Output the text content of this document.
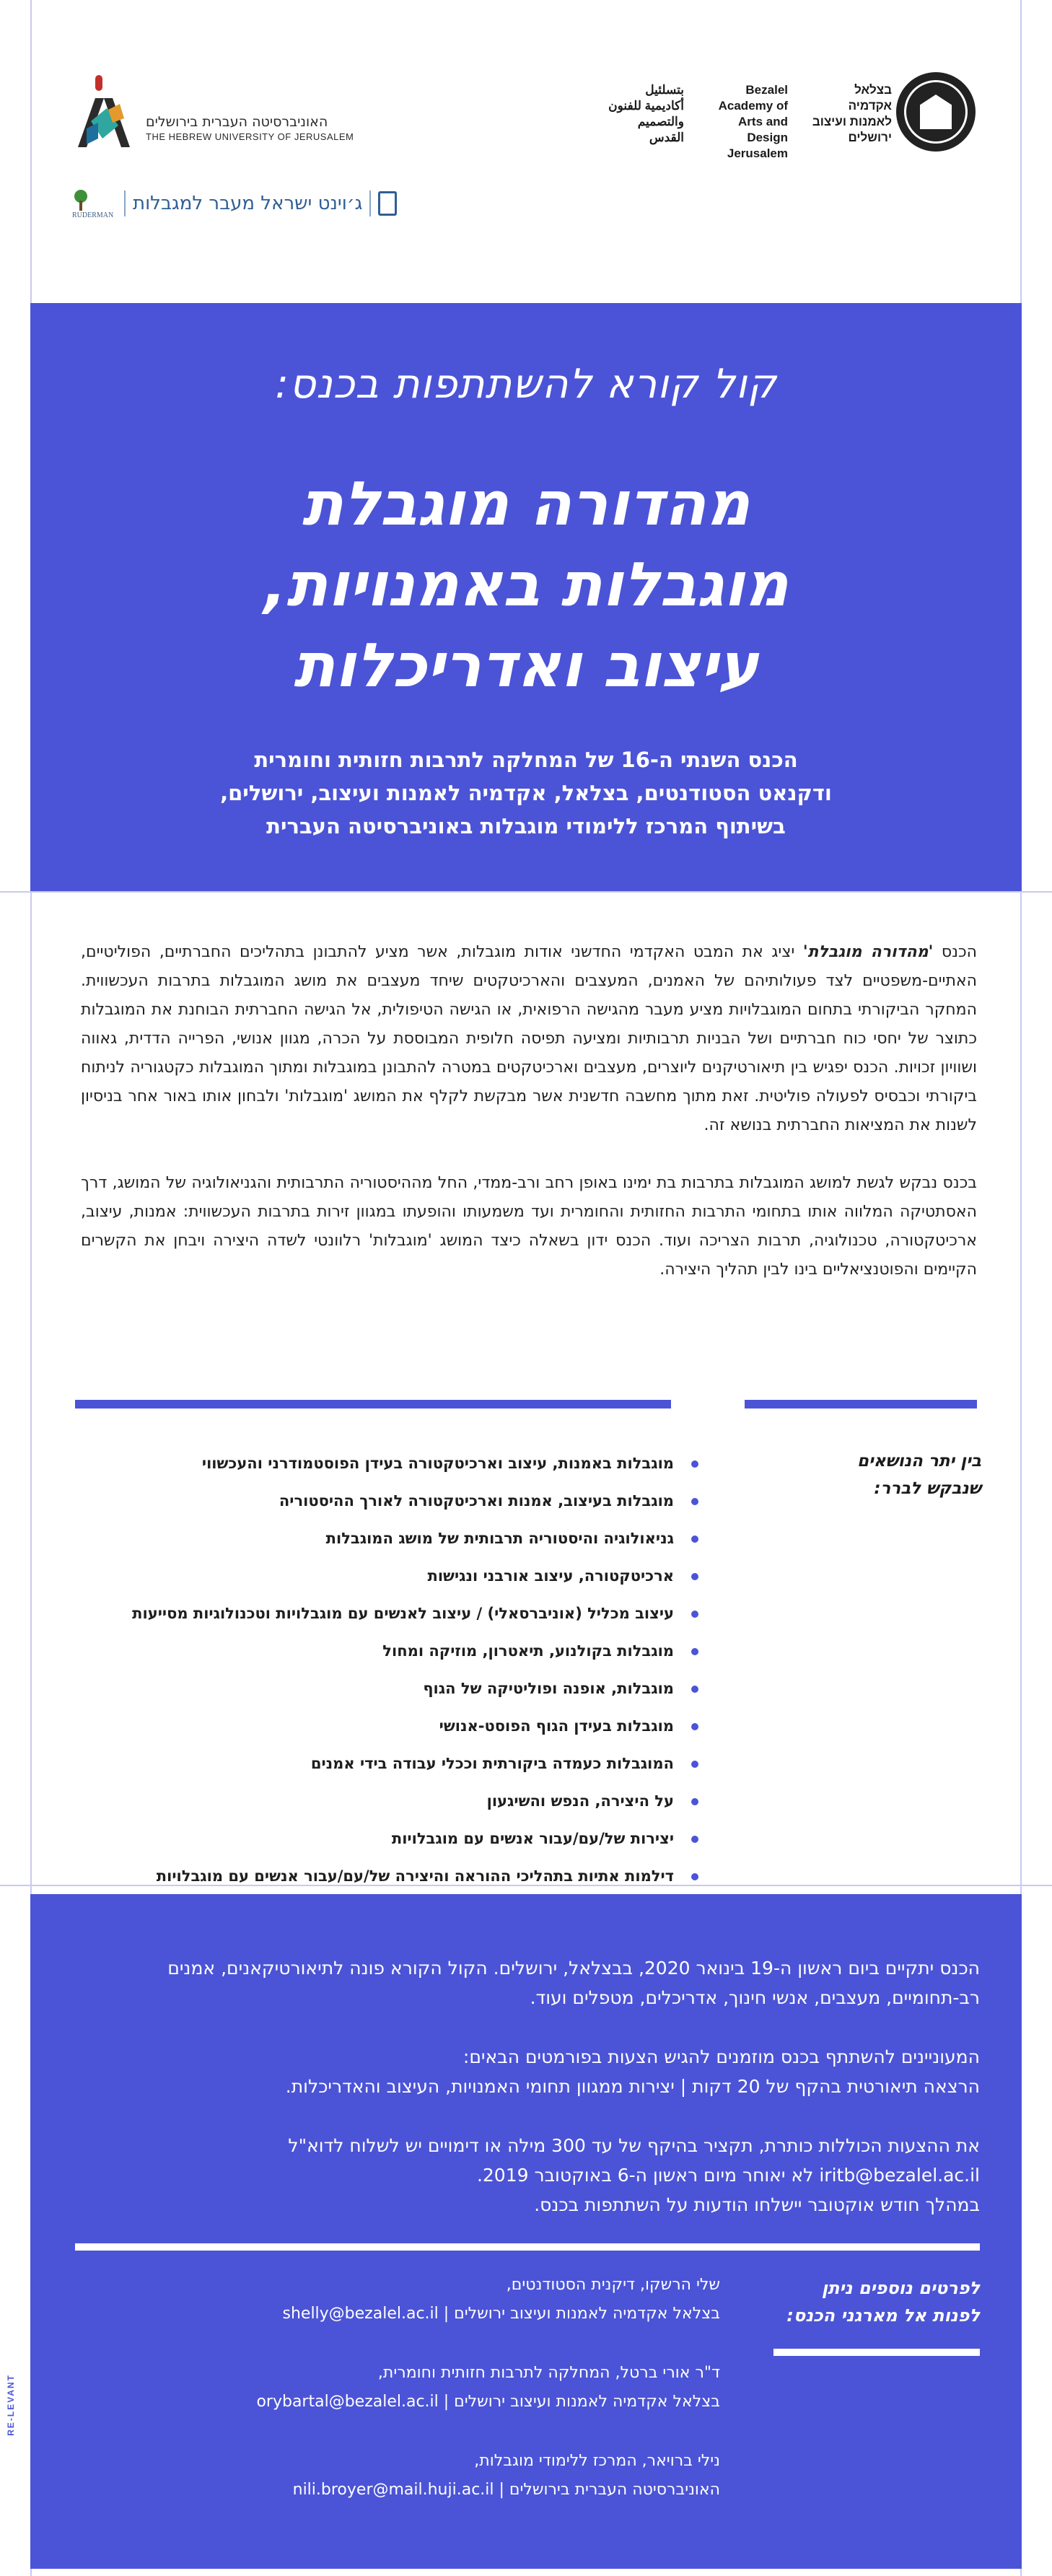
בצלאל
אקדמיה
לאמנות ועיצוב
ירושלים
Bezalel
Academy of
Arts and Design
Jerusalem
بتسلئيل
أكاديمية للفنون
والتصميم
القدس
האוניברסיטה העברית בירושלים
THE HEBREW UNIVERSITY OF JERUSALEM
RUDERMAN
ג׳וינט ישראל מעבר למגבלות
קול קורא להשתתפות בכנס:
מהדורה מוגבלת
מוגבלות באמנויות,
עיצוב ואדריכלות
הכנס השנתי ה-16 של המחלקה לתרבות חזותית וחומרית
ודקנאט הסטודנטים, בצלאל, אקדמיה לאמנות ועיצוב, ירושלים,
בשיתוף המרכז ללימודי מוגבלות באוניברסיטה העברית

הכנס 'מהדורה מוגבלת' יציג את המבט האקדמי החדשני אודות מוגבלות, אשר מציע להתבונן בתהליכים החברתיים, הפוליטיים, האתיים-משפטיים לצד פעולותיהם של האמנים, המעצבים והארכיטקטים שיחד מעצבים את מושג המוגבלות בתרבות העכשווית. המחקר הביקורתי בתחום המוגבלויות מציע מעבר מהגישה הרפואית, או הגישה הטיפולית, אל הגישה החברתית הבוחנת את המוגבלות כתוצר של יחסי כוח חברתיים ושל הבניות תרבותיות ומציעה תפיסה חלופית המבוססת על הכרה, מגוון אנושי, הפרייה הדדית, גאווה ושוויון זכויות. הכנס יפגיש בין תיאורטיקנים ליוצרים, מעצבים וארכיטקטים במטרה להתבונן במוגבלות ומתוך המוגבלות כקטגוריה לניתוח ביקורתי וכבסיס לפעולה פוליטית. זאת מתוך מחשבה חדשנית אשר מבקשת לקלף את המושג 'מוגבלות' ולבחון אותו באור אחר בניסיון לשנות את המציאות החברתית בנושא זה.

בכנס נבקש לגשת למושג המוגבלות בתרבות בת ימינו באופן רחב ורב-ממדי, החל מההיסטוריה התרבותית והגניאולוגיה של המושג, דרך האסתטיקה המלווה אותו בתחומי התרבות החזותית והחומרית ועד משמעותו והופעתו במגוון זירות בתרבות העכשווית: אמנות, עיצוב, ארכיטקטורה, טכנולוגיה, תרבות הצריכה ועוד. הכנס ידון בשאלה כיצד המושג 'מוגבלות' רלוונטי לשדה היצירה ויבחן את הקשרים הקיימים והפוטנציאליים בינו לבין תהליך היצירה.

בין יתר הנושאים
שנבקש לברר:
מוגבלות באמנות, עיצוב וארכיטקטורה בעידן הפוסטמודרני והעכשווי
מוגבלות בעיצוב, אמנות וארכיטקטורה לאורך ההיסטוריה
גניאולוגיה והיסטוריה תרבותית של מושג המוגבלות
ארכיטקטורה, עיצוב אורבני ונגישות
עיצוב מכליל (אוניברסאלי) / עיצוב לאנשים עם מוגבלויות וטכנולוגיות מסייעות
מוגבלות בקולנוע, תיאטרון, מוזיקה ומחול
מוגבלות, אופנה ופוליטיקה של הגוף
מוגבלות בעידן הגוף הפוסט-אנושי
המוגבלות כעמדה ביקורתית וככלי עבודה בידי אמנים
על היצירה, הנפש והשיגעון
יצירות של/עם/עבור אנשים עם מוגבלויות
דילמות אתיות בתהליכי ההוראה והיצירה של/עם/עבור אנשים עם מוגבלויות

הכנס יתקיים ביום ראשון ה-19 בינואר 2020, בבצלאל, ירושלים. הקול הקורא פונה לתיאורטיקאנים, אמנים רב-תחומיים, מעצבים, אנשי חינוך, אדריכלים, מטפלים ועוד.

המעוניינים להשתתף בכנס מוזמנים להגיש הצעות בפורמטים הבאים:
הרצאה תיאורטית בהקף של 20 דקות | יצירות ממגוון תחומי האמנויות, העיצוב והאדריכלות.

את ההצעות הכוללות כותרת, תקציר בהיקף של עד 300 מילה או דימויים יש לשלוח לדוא"ל
iritb@bezalel.ac.il לא יאוחר מיום ראשון ה-6 באוקטובר 2019.
במהלך חודש אוקטובר יישלחו הודעות על השתתפות בכנס.

לפרטים נוספים ניתן
לפנות אל מארגני הכנס:
שלי הרשקו, דיקנית הסטודנטים,
בצלאל אקדמיה לאמנות ועיצוב ירושלים | shelly@bezalel.ac.il
ד"ר אורי ברטל, המחלקה לתרבות חזותית וחומרית,
בצלאל אקדמיה לאמנות ועיצוב ירושלים | orybartal@bezalel.ac.il
נילי ברויאר, המרכז ללימודי מוגבלות,
האוניברסיטה העברית בירושלים | nili.broyer@mail.huji.ac.il
RE-LEVANT
